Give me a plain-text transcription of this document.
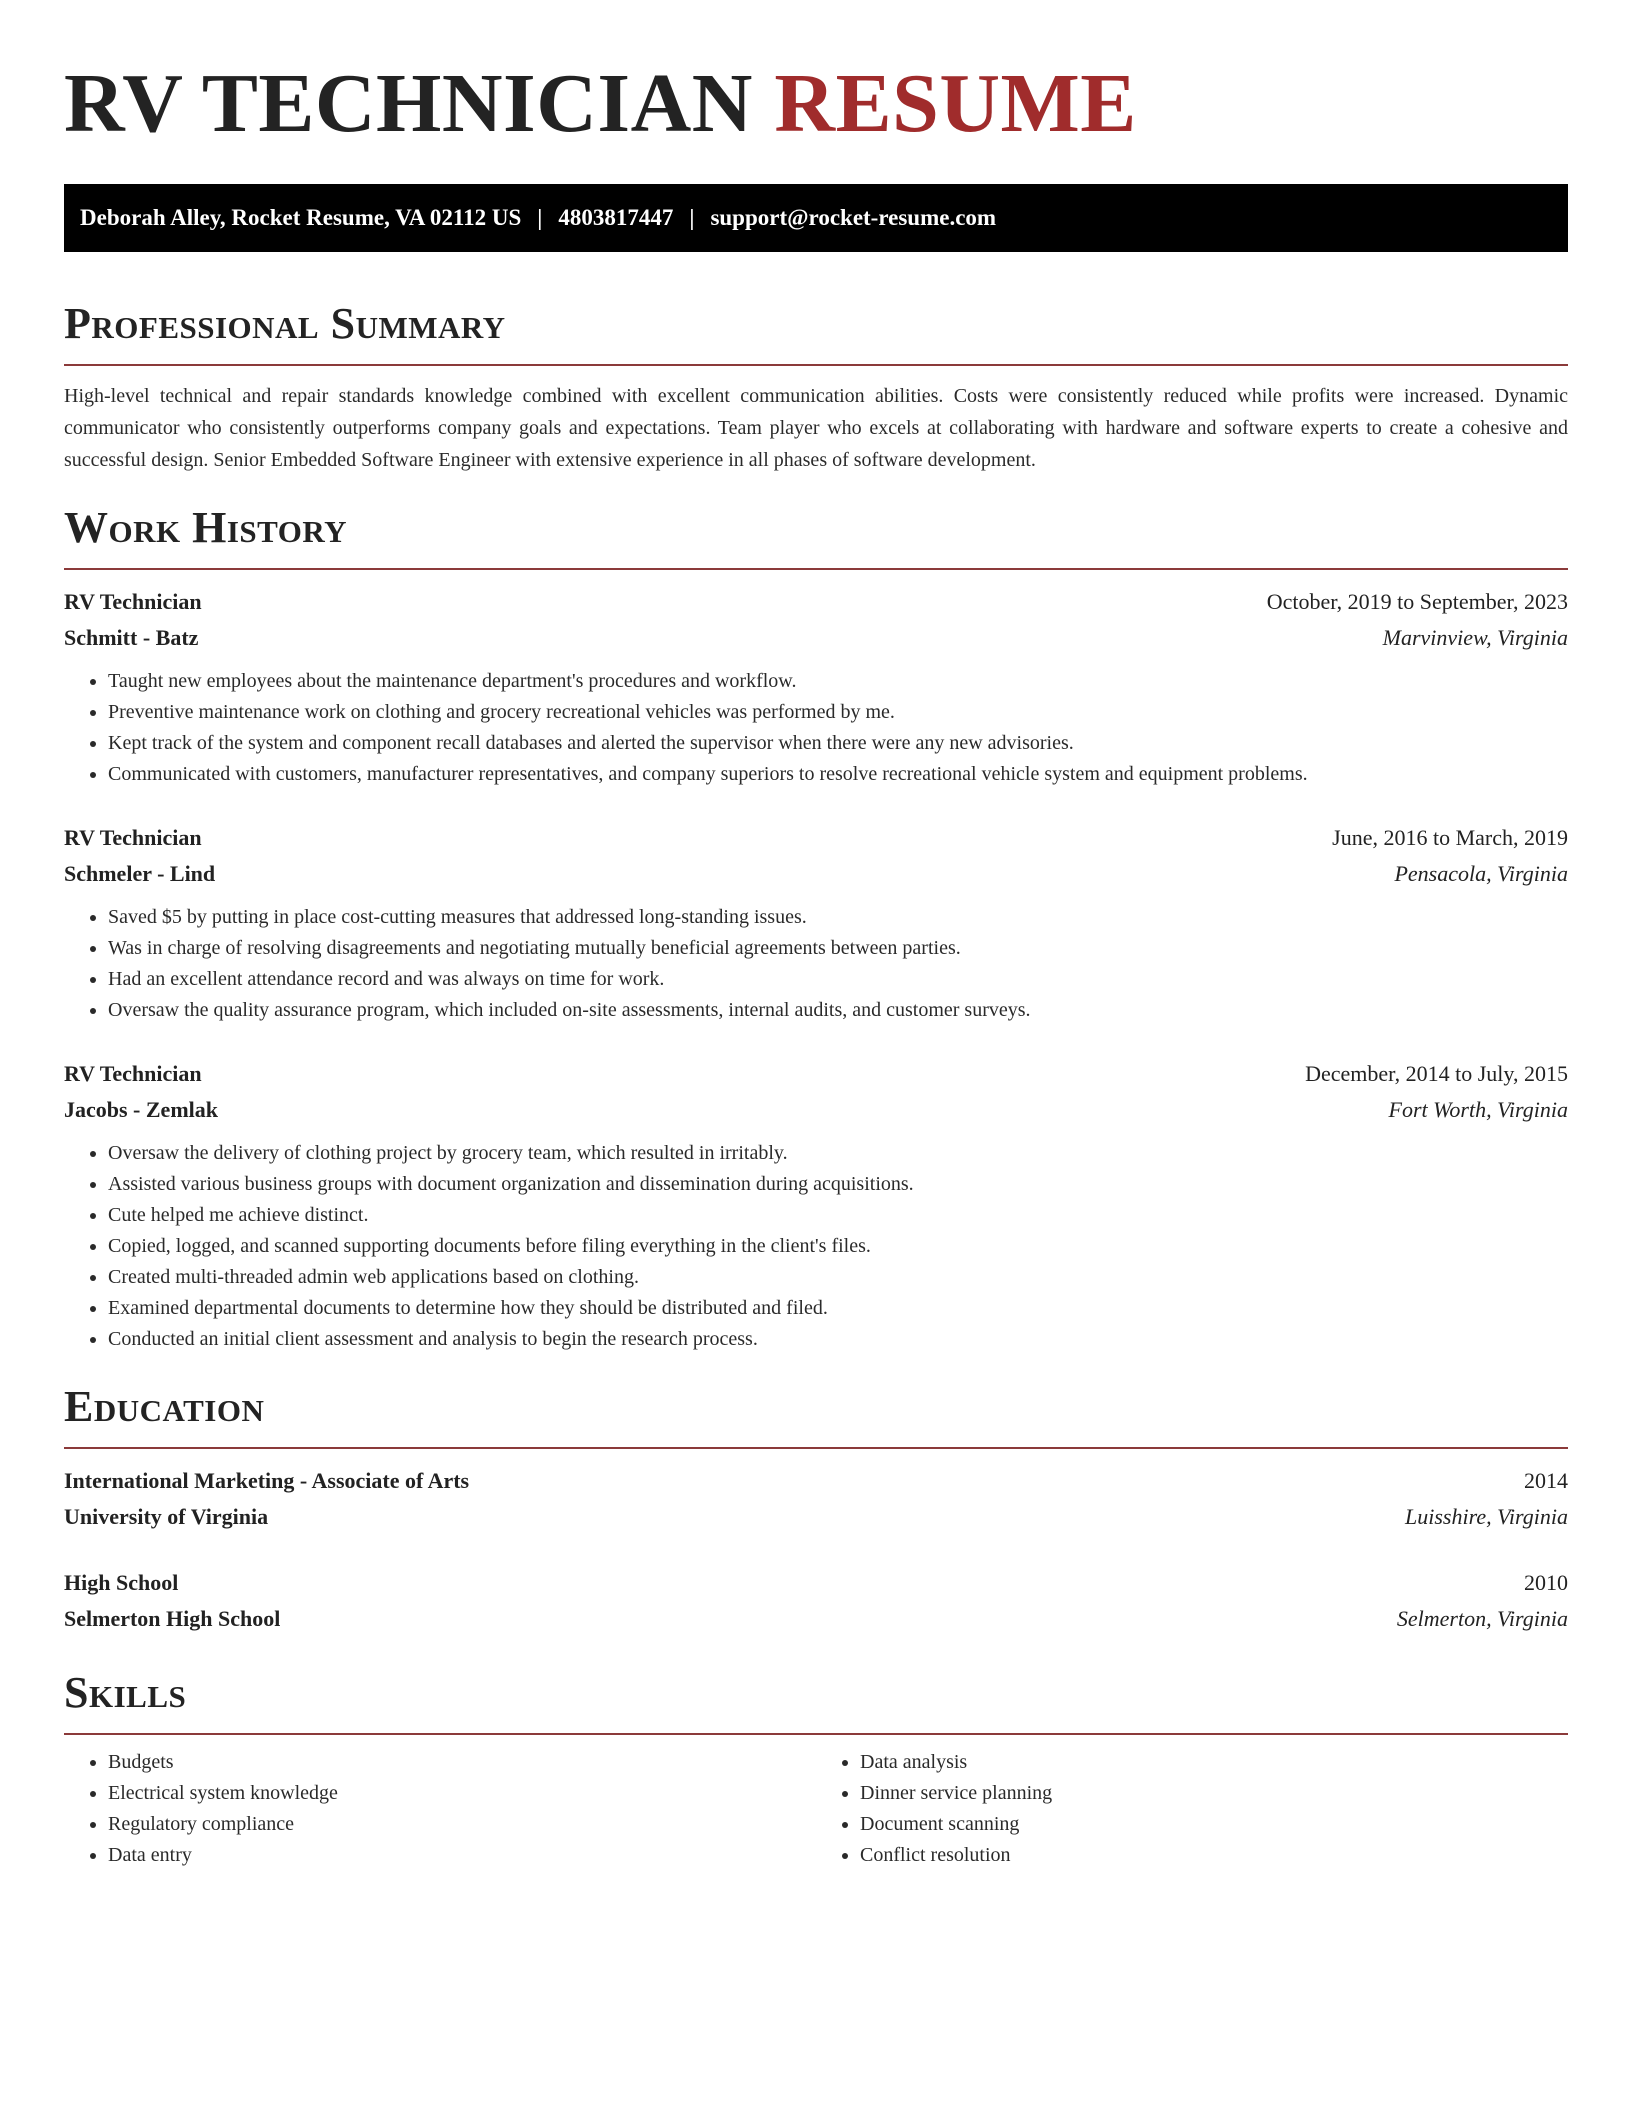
RV TECHNICIAN RESUME
Deborah Alley, Rocket Resume, VA 02112 US | 4803817447 | support@rocket-resume.com
Professional Summary

High-level technical and repair standards knowledge combined with excellent communication abilities. Costs were consistently reduced while profits were increased. Dynamic communicator who consistently outperforms company goals and expectations. Team player who excels at collaborating with hardware and software experts to create a cohesive and successful design. Senior Embedded Software Engineer with extensive experience in all phases of software development.

Work History
RV Technician	October, 2019 to September, 2023
Schmitt - Batz	Marvinview, Virginia
• Taught new employees about the maintenance department's procedures and workflow.
• Preventive maintenance work on clothing and grocery recreational vehicles was performed by me.
• Kept track of the system and component recall databases and alerted the supervisor when there were any new advisories.
• Communicated with customers, manufacturer representatives, and company superiors to resolve recreational vehicle system and equipment problems.
RV Technician	June, 2016 to March, 2019
Schmeler - Lind	Pensacola, Virginia
• Saved $5 by putting in place cost-cutting measures that addressed long-standing issues.
• Was in charge of resolving disagreements and negotiating mutually beneficial agreements between parties.
• Had an excellent attendance record and was always on time for work.
• Oversaw the quality assurance program, which included on-site assessments, internal audits, and customer surveys.
RV Technician	December, 2014 to July, 2015
Jacobs - Zemlak	Fort Worth, Virginia
• Oversaw the delivery of clothing project by grocery team, which resulted in irritably.
• Assisted various business groups with document organization and dissemination during acquisitions.
• Cute helped me achieve distinct.
• Copied, logged, and scanned supporting documents before filing everything in the client's files.
• Created multi-threaded admin web applications based on clothing.
• Examined departmental documents to determine how they should be distributed and filed.
• Conducted an initial client assessment and analysis to begin the research process.
Education
International Marketing - Associate of Arts	2014
University of Virginia	Luisshire, Virginia
High School	2010
Selmerton High School	Selmerton, Virginia
Skills
• Budgets
• Electrical system knowledge
• Regulatory compliance
• Data entry
• Data analysis
• Dinner service planning
• Document scanning
• Conflict resolution
